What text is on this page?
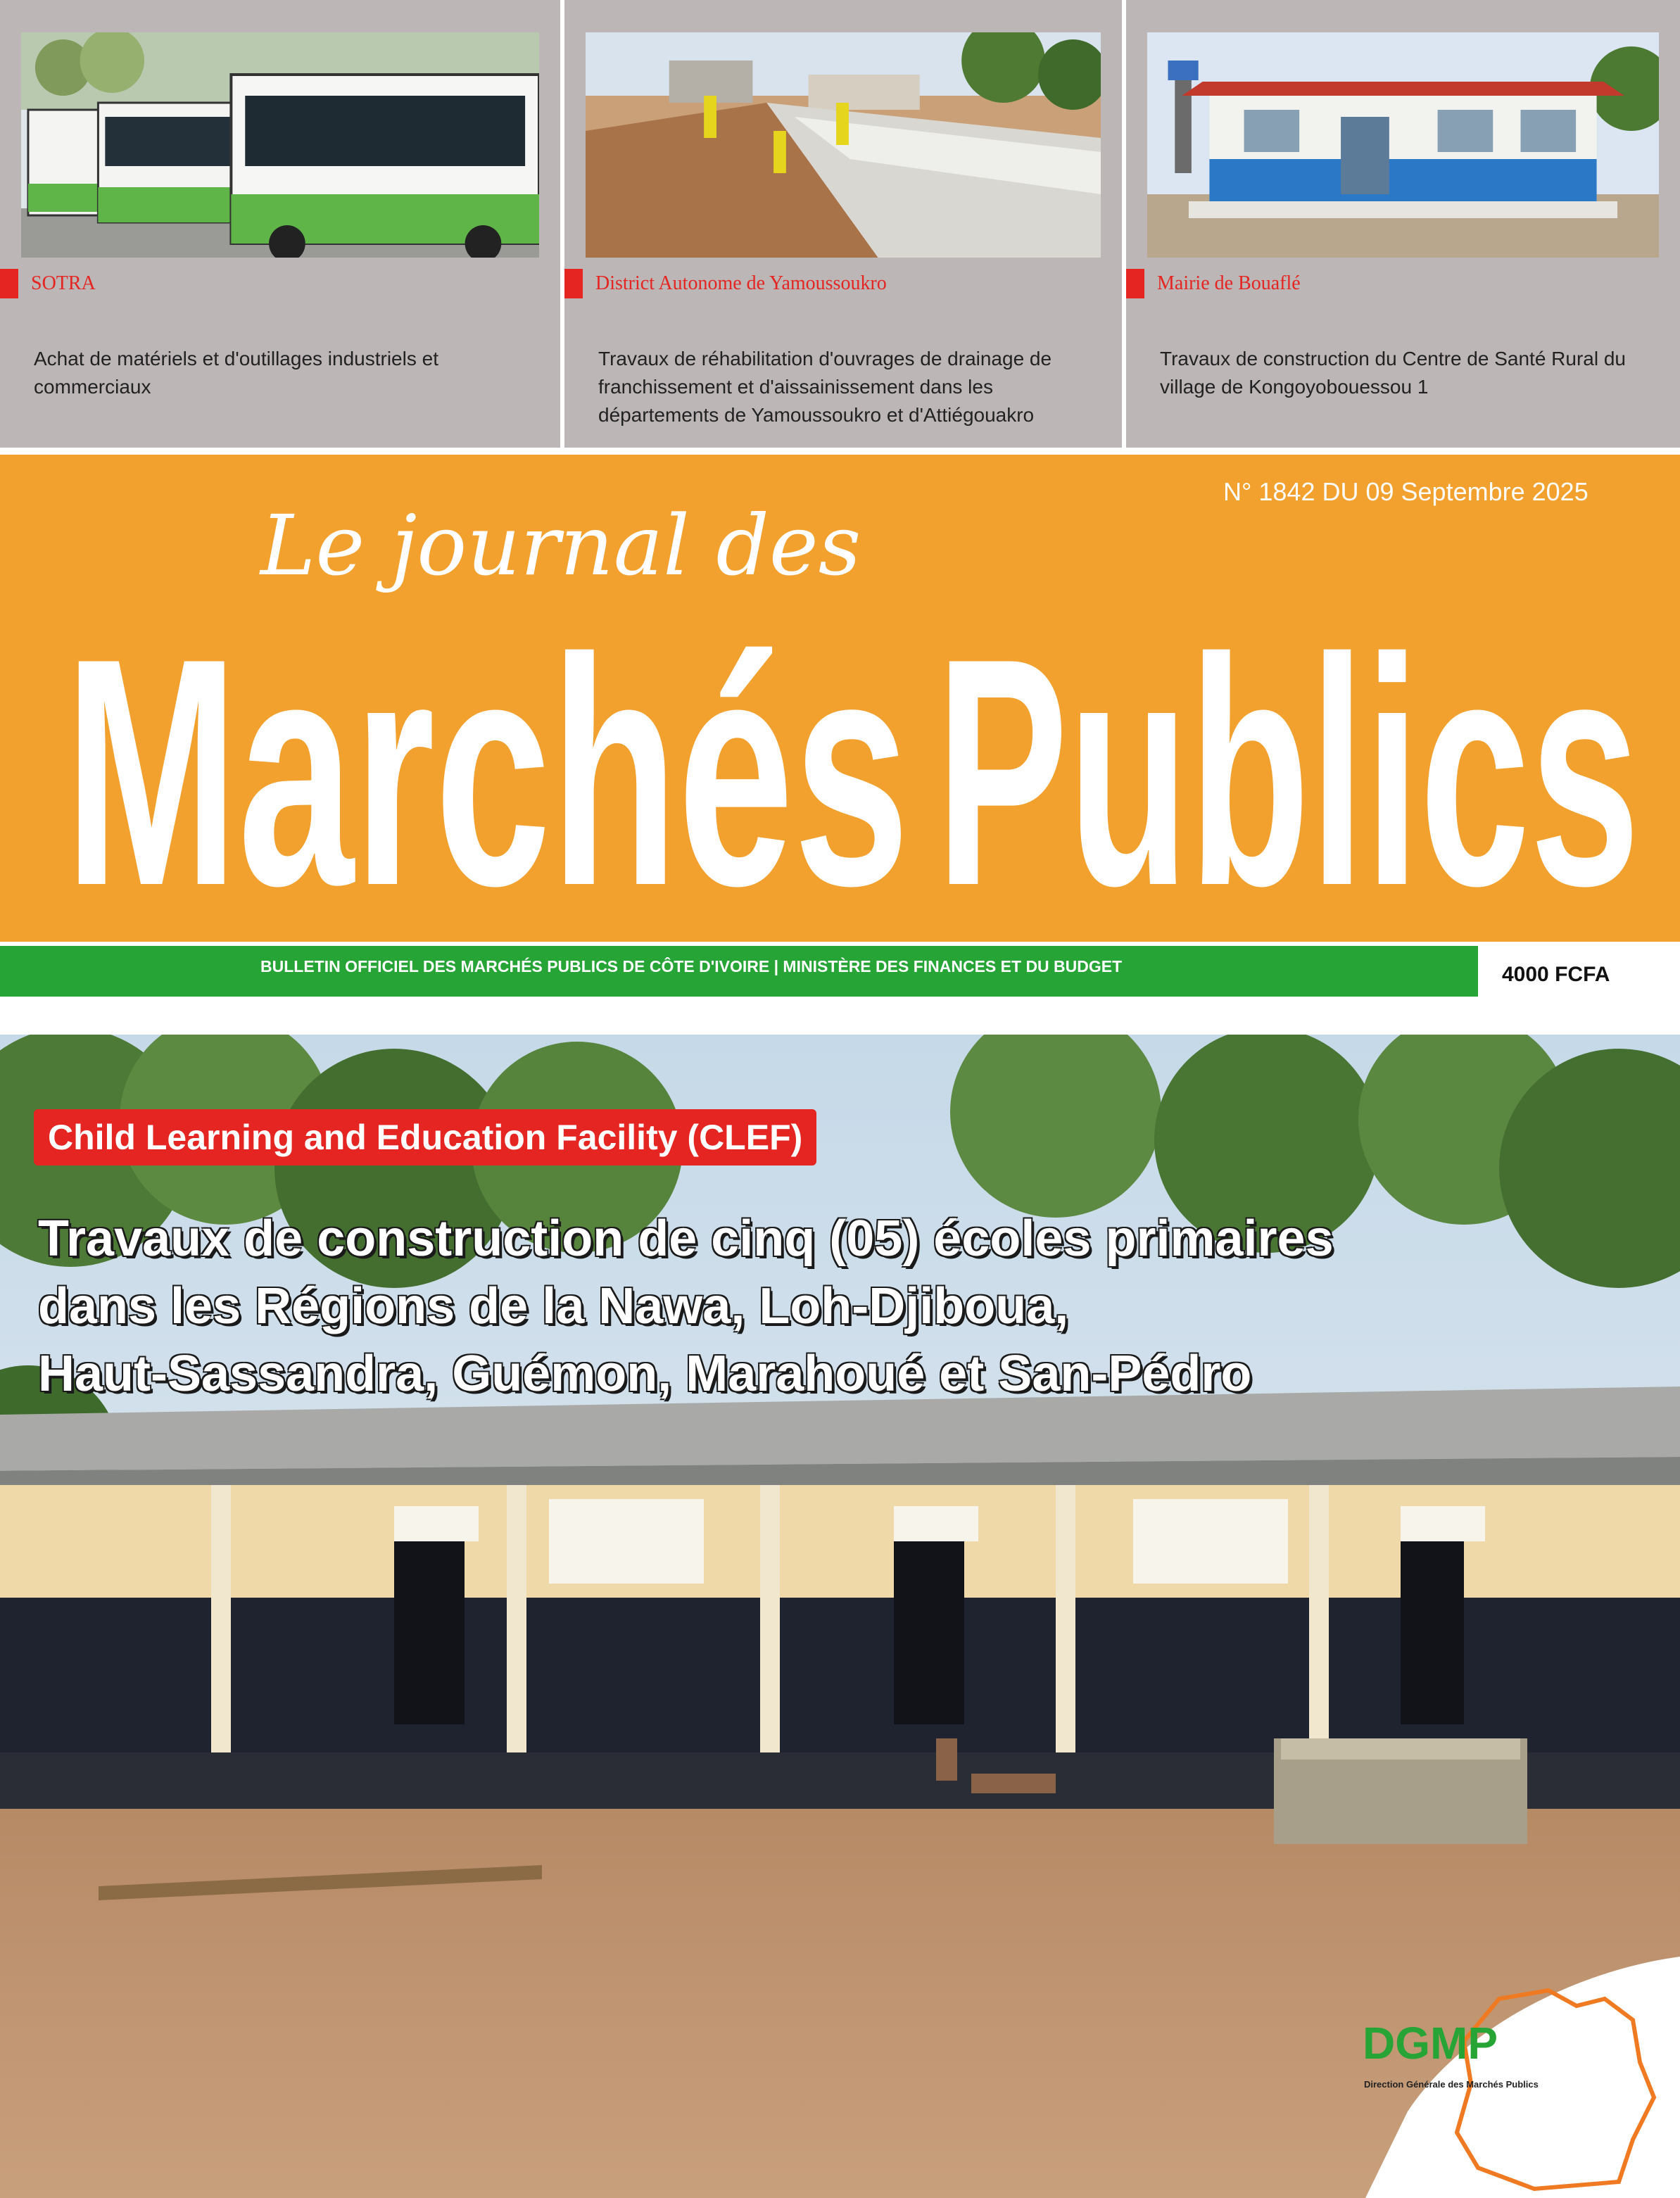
SOTRA
Achat de matériels et d'outillages industriels et commerciaux
District Autonome de Yamoussoukro
Travaux de réhabilitation d'ouvrages de drainage de franchissement et d'aissainissement dans les départements de Yamoussoukro et d'Attiégouakro
Mairie de Bouaflé
Travaux de construction du Centre de Santé Rural du village de Kongoyobouessou 1
N° 1842 DU 09 Septembre 2025
Le journal des
Marchés Publics
BULLETIN OFFICIEL DES MARCHÉS PUBLICS DE CÔTE D'IVOIRE | MINISTÈRE DES FINANCES ET DU BUDGET	4000 FCFA
Child Learning and Education Facility (CLEF)
Travaux de construction de cinq (05) écoles primaires
dans les Régions de la Nawa, Loh-Djiboua,
Haut-Sassandra, Guémon, Marahoué et San-Pédro
DGMP
Direction Générale des Marchés Publics
